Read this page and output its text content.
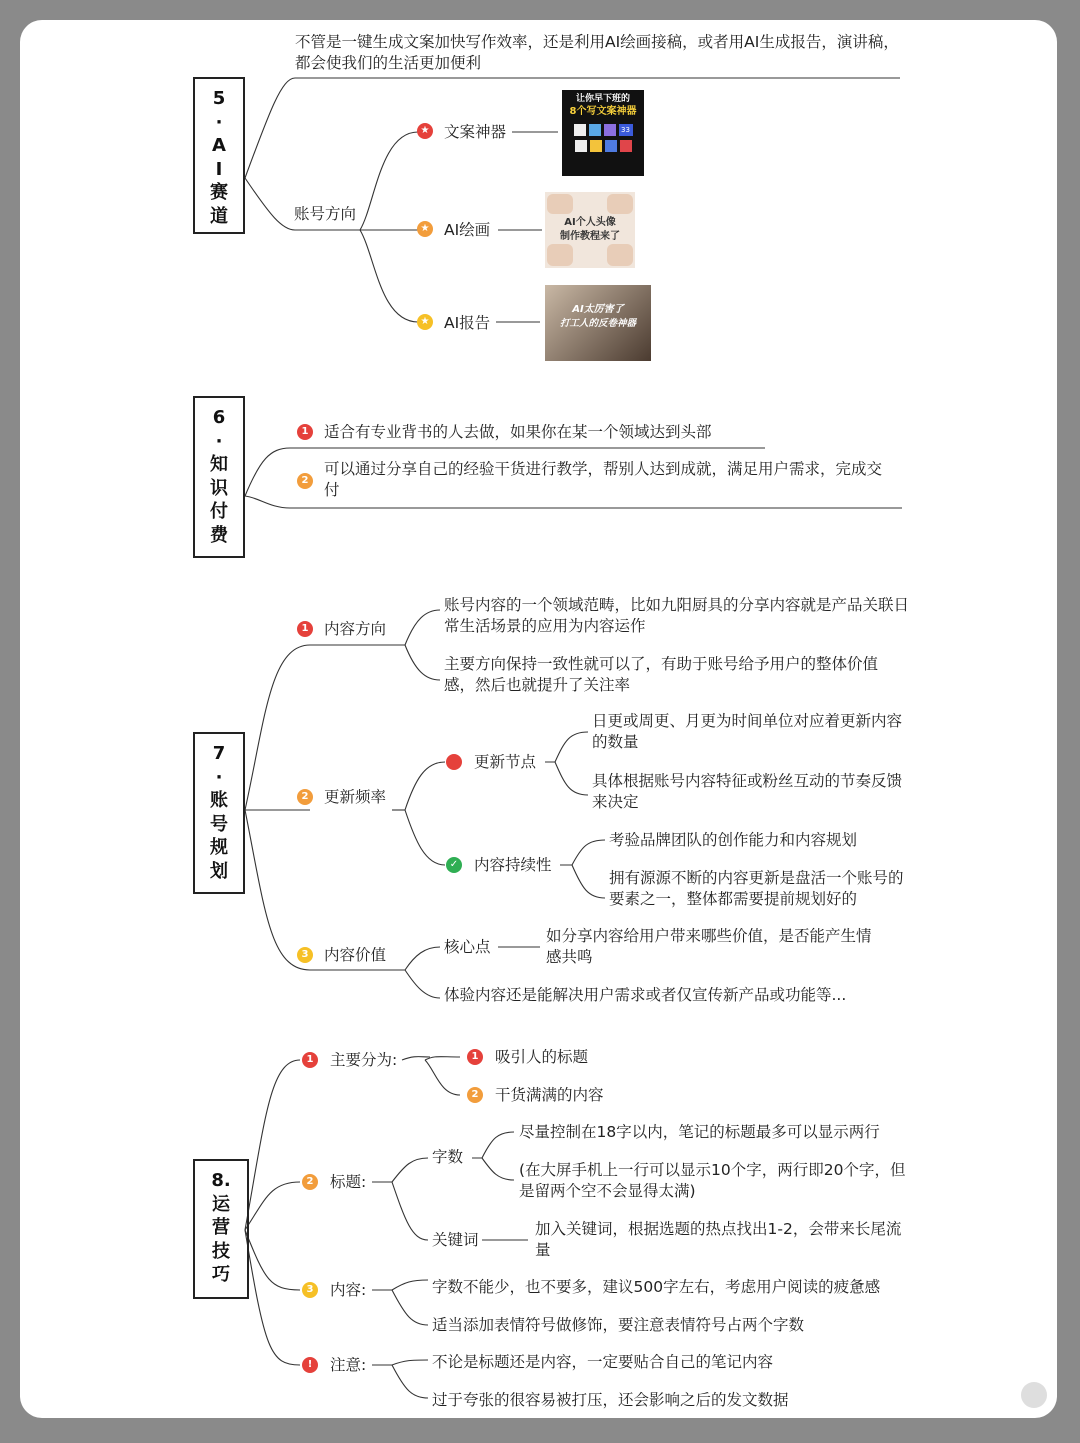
5
·
A
I
赛
道
不管是一键生成文案加快写作效率，还是利用AI绘画接稿，或者用AI生成报告，演讲稿，都会使我们的生活更加便利
账号方向
★ 文案神器
让你早下班的
8个写文案神器
33
★ AI绘画	AI个人头像
制作教程来了
★ AI报告
AI太厉害了
打工人的反卷神器
6
·
知
识
付
费
1 适合有专业背书的人去做，如果你在某一个领域达到头部
2
可以通过分享自己的经验干货进行教学，帮别人达到成就，满足用户需求，完成交付
7
·
账
号
规
划
1 内容方向
账号内容的一个领域范畴，比如九阳厨具的分享内容就是产品关联日常生活场景的应用为内容运作
主要方向保持一致性就可以了，有助于账号给予用户的整体价值感，然后也就提升了关注率
2 更新频率
更新节点
日更或周更、月更为时间单位对应着更新内容的数量
具体根据账号内容特征或粉丝互动的节奏反馈来决定
✓ 内容持续性
考验品牌团队的创作能力和内容规划
拥有源源不断的内容更新是盘活一个账号的要素之一，整体都需要提前规划好的
3 内容价值	核心点
如分享内容给用户带来哪些价值，是否能产生情感共鸣
体验内容还是能解决用户需求或者仅宣传新产品或功能等...
8.
运
营
技
巧
1 主要分为:	1 吸引人的标题
2 干货满满的内容
2 标题:
字数
尽量控制在18字以内，笔记的标题最多可以显示两行
(在大屏手机上一行可以显示10个字，两行即20个字，但是留两个空不会显得太满)
关键词
加入关键词，根据选题的热点找出1-2，会带来长尾流量
3 内容:	字数不能少，也不要多，建议500字左右，考虑用户阅读的疲惫感
适当添加表情符号做修饰，要注意表情符号占两个字数
!	注意:	不论是标题还是内容，一定要贴合自己的笔记内容
过于夸张的很容易被打压，还会影响之后的发文数据
